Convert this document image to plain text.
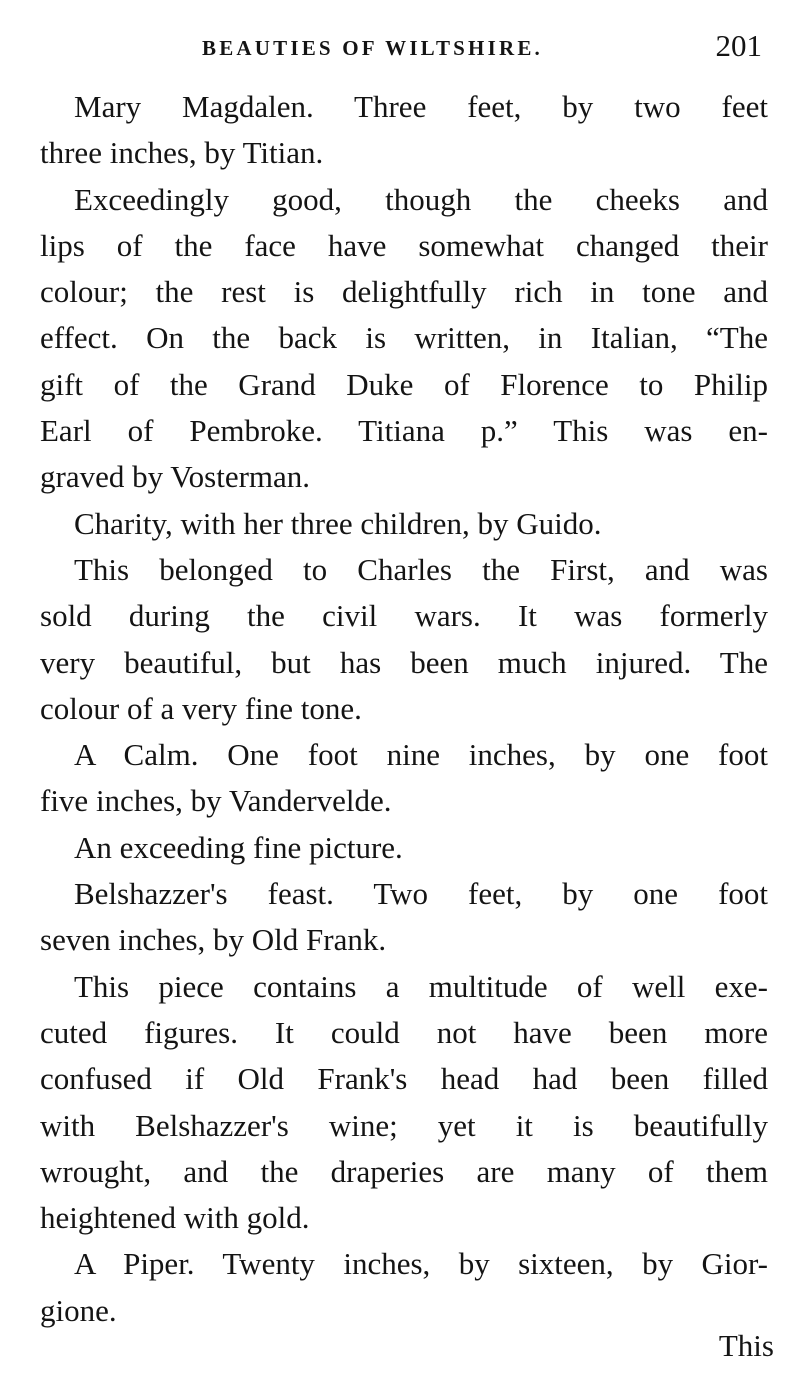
BEAUTIES OF WILTSHIRE.	201
Mary Magdalen. Three feet, by two feet
three inches, by Titian.
Exceedingly good, though the cheeks and
lips of the face have somewhat changed their
colour; the rest is delightfully rich in tone and
effect. On the back is written, in Italian, “The
gift of the Grand Duke of Florence to Philip
Earl of Pembroke. Titiana p.” This was en-
graved by Vosterman.
Charity, with her three children, by Guido.
This belonged to Charles the First, and was
sold during the civil wars. It was formerly
very beautiful, but has been much injured. The
colour of a very fine tone.
A Calm. One foot nine inches, by one foot
five inches, by Vandervelde.
An exceeding fine picture.
Belshazzer's feast. Two feet, by one foot
seven inches, by Old Frank.
This piece contains a multitude of well exe-
cuted figures. It could not have been more
confused if Old Frank's head had been filled
with Belshazzer's wine; yet it is beautifully
wrought, and the draperies are many of them
heightened with gold.
A Piper. Twenty inches, by sixteen, by Gior-
gione.
This
